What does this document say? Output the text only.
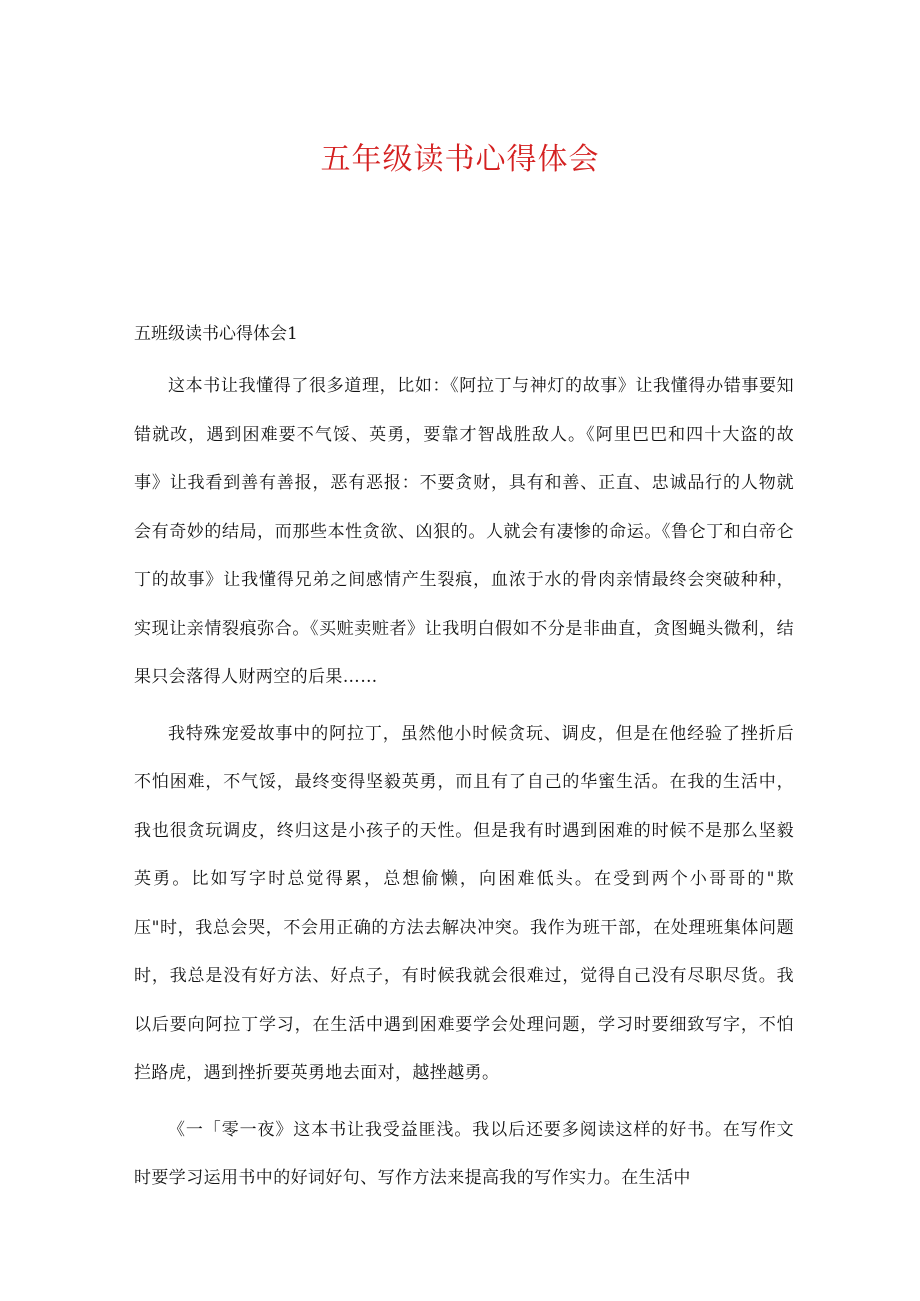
五年级读书心得体会
五班级读书心得体会1

这本书让我懂得了很多道理，比如：《阿拉丁与神灯的故事》让我懂得办错事要知错就改，遇到困难要不气馁、英勇，要靠才智战胜敌人。《阿里巴巴和四十大盗的故事》让我看到善有善报，恶有恶报：不要贪财，具有和善、正直、忠诚品行的人物就会有奇妙的结局，而那些本性贪欲、凶狠的。人就会有凄惨的命运。《鲁仑丁和白帝仑丁的故事》让我懂得兄弟之间感情产生裂痕，血浓于水的骨肉亲情最终会突破种种，实现让亲情裂痕弥合。《买赃卖赃者》让我明白假如不分是非曲直，贪图蝇头微利，结果只会落得人财两空的后果……

我特殊宠爱故事中的阿拉丁，虽然他小时候贪玩、调皮，但是在他经验了挫折后不怕困难，不气馁，最终变得坚毅英勇，而且有了自己的华蜜生活。在我的生活中，我也很贪玩调皮，终归这是小孩子的天性。但是我有时遇到困难的时候不是那么坚毅英勇。比如写字时总觉得累，总想偷懒，向困难低头。在受到两个小哥哥的"欺压"时，我总会哭，不会用正确的方法去解决冲突。我作为班干部，在处理班集体问题时，我总是没有好方法、好点子，有时候我就会很难过，觉得自己没有尽职尽货。我以后要向阿拉丁学习，在生活中遇到困难要学会处理问题，学习时要细致写字，不怕拦路虎，遇到挫折要英勇地去面对，越挫越勇。

《一「零一夜》这本书让我受益匪浅。我以后还要多阅读这样的好书。在写作文时要学习运用书中的好词好句、写作方法来提高我的写作实力。在生活中
